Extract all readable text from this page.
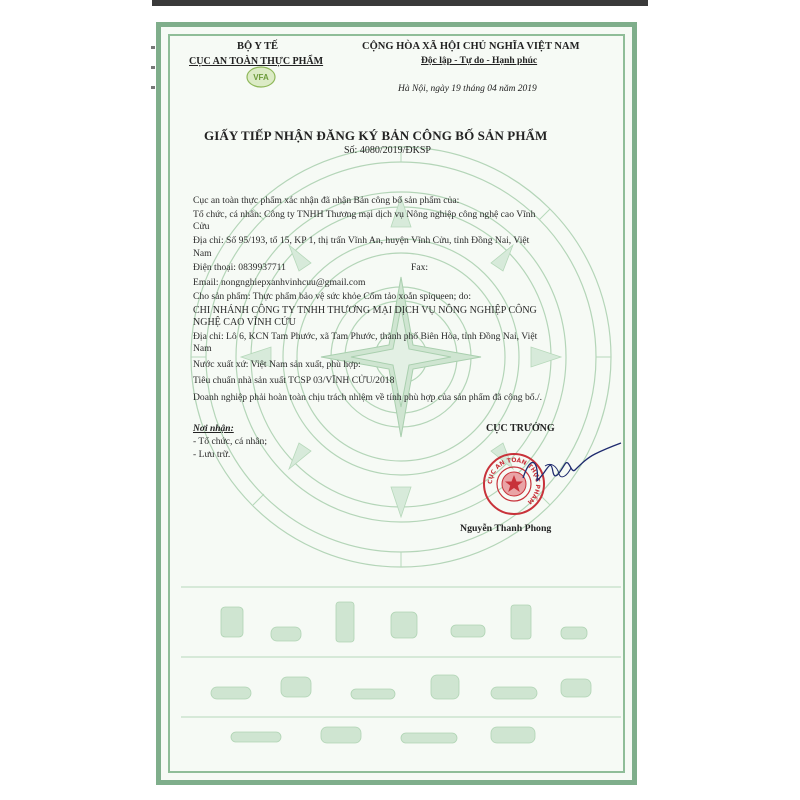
BỘ Y TẾ
CỤC AN TOÀN THỰC PHẨM
VFA
CỘNG HÒA XÃ HỘI CHỦ NGHĨA VIỆT NAM
Độc lập - Tự do - Hạnh phúc
Hà Nội, ngày 19 tháng 04 năm 2019
GIẤY TIẾP NHẬN ĐĂNG KÝ BẢN CÔNG BỐ SẢN PHẨM
Số: 4080/2019/ĐKSP
Cục an toàn thực phẩm xác nhận đã nhận Bản công bố sản phẩm của:
Tổ chức, cá nhân: Công ty TNHH Thương mại dịch vụ Nông nghiệp công nghệ cao Vĩnh
Cửu
Địa chỉ: Số 95/193, tổ 15, KP 1, thị trấn Vĩnh An, huyện Vĩnh Cửu, tỉnh Đồng Nai, Việt
Nam
Điện thoại: 0839937711	Fax:
Email: nongnghiepxanhvinhcuu@gmail.com
Cho sản phẩm: Thực phẩm bảo vệ sức khỏe Cốm tảo xoắn spiqueen; do:
CHI NHÁNH CÔNG TY TNHH THƯƠNG MẠI DỊCH VỤ NÔNG NGHIỆP CÔNG
NGHỆ CAO VĨNH CỬU
Địa chỉ: Lô 6, KCN Tam Phước, xã Tam Phước, thành phố Biên Hòa, tỉnh Đồng Nai, Việt
Nam
Nước xuất xứ: Việt Nam sản xuất, phù hợp:
Tiêu chuẩn nhà sản xuất TCSP 03/VĨNH CỬU/2018
Doanh nghiệp phải hoàn toàn chịu trách nhiệm về tính phù hợp của sản phẩm đã công bố./.
Nơi nhận:
- Tổ chức, cá nhân;
- Lưu trữ.
CỤC TRƯỞNG
CỤC AN TOÀN THỰC PHẨM
Nguyễn Thanh Phong
